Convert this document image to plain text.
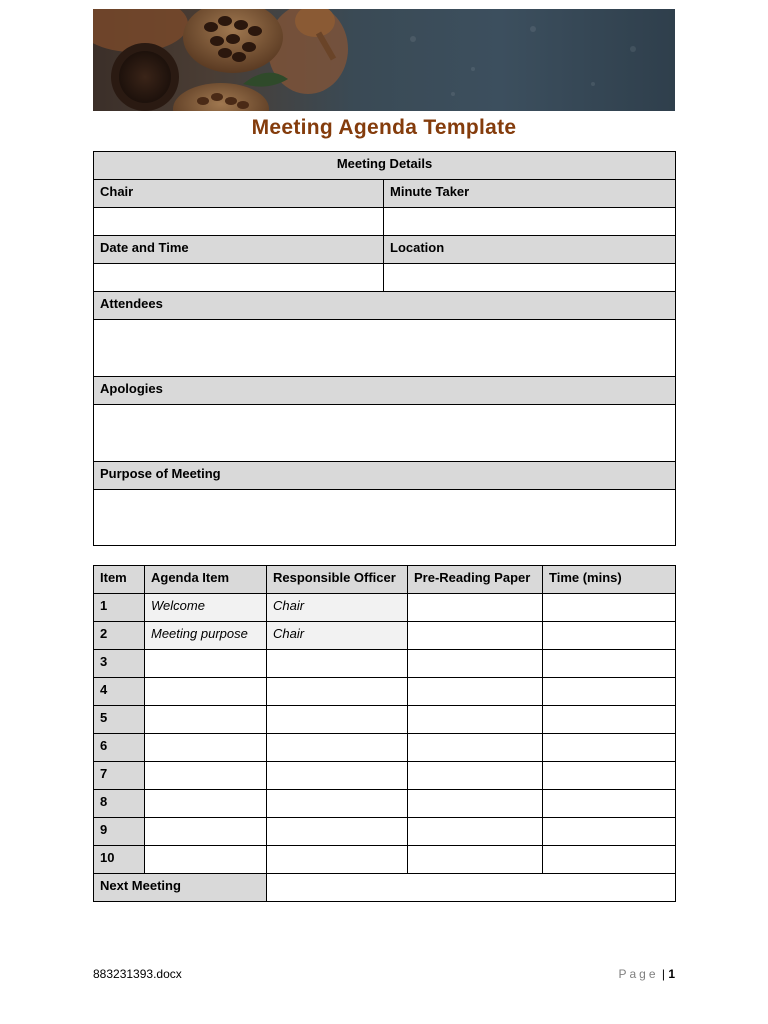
Meeting Agenda Template
Meeting Details	
Chair	Minute Taker

Date and Time	Location

Attendees	

Apologies	

Purpose of Meeting	

Item	Agenda Item	Responsible Officer	Pre-Reading Paper	Time (mins)
1	Welcome	Chair		
2	Meeting purpose	Chair		
3				
4				
5				
6				
7				
8				
9				
10				
Next Meeting				
883231393.docx	Page | 1
